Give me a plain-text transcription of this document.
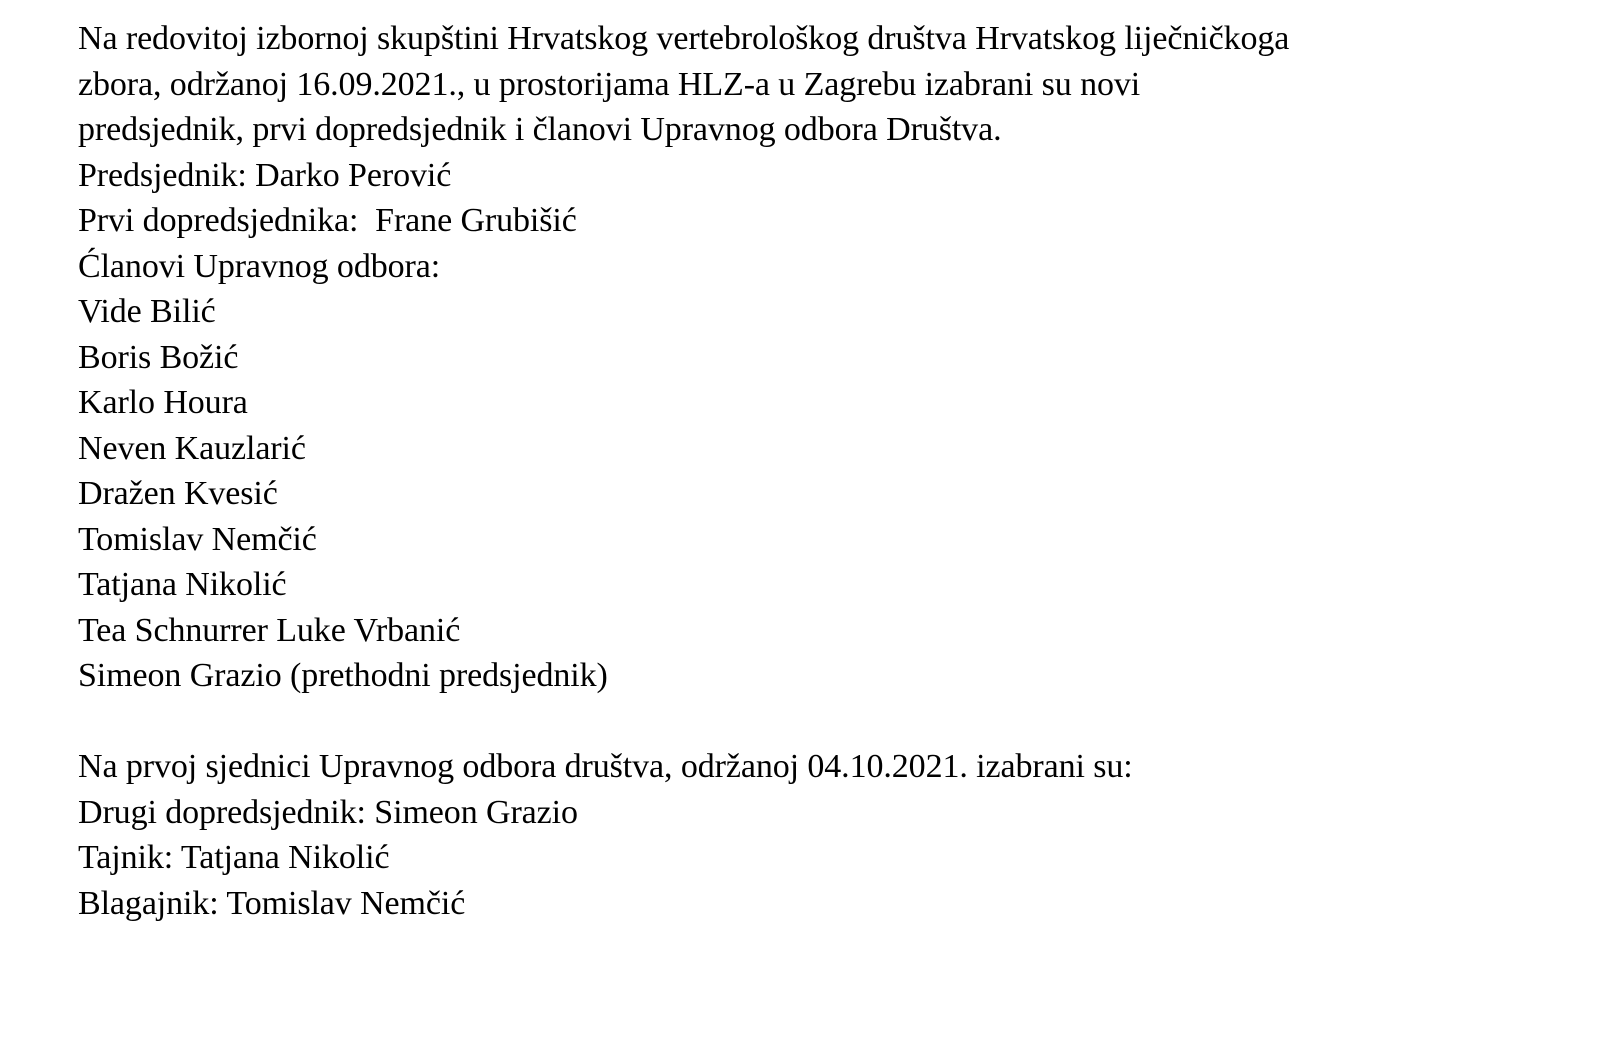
Na redovitoj izbornoj skupštini Hrvatskog vertebrološkog društva Hrvatskog liječničkoga
zbora, održanoj 16.09.2021., u prostorijama HLZ-a u Zagrebu izabrani su novi
predsjednik, prvi dopredsjednik i članovi Upravnog odbora Društva.
Predsjednik: Darko Perović
Prvi dopredsjednika:  Frane Grubišić
Ćlanovi Upravnog odbora:
Vide Bilić
Boris Božić
Karlo Houra
Neven Kauzlarić
Dražen Kvesić
Tomislav Nemčić
Tatjana Nikolić
Tea Schnurrer Luke Vrbanić
Simeon Grazio (prethodni predsjednik)
Na prvoj sjednici Upravnog odbora društva, održanoj 04.10.2021. izabrani su:
Drugi dopredsjednik: Simeon Grazio
Tajnik: Tatjana Nikolić
Blagajnik: Tomislav Nemčić
